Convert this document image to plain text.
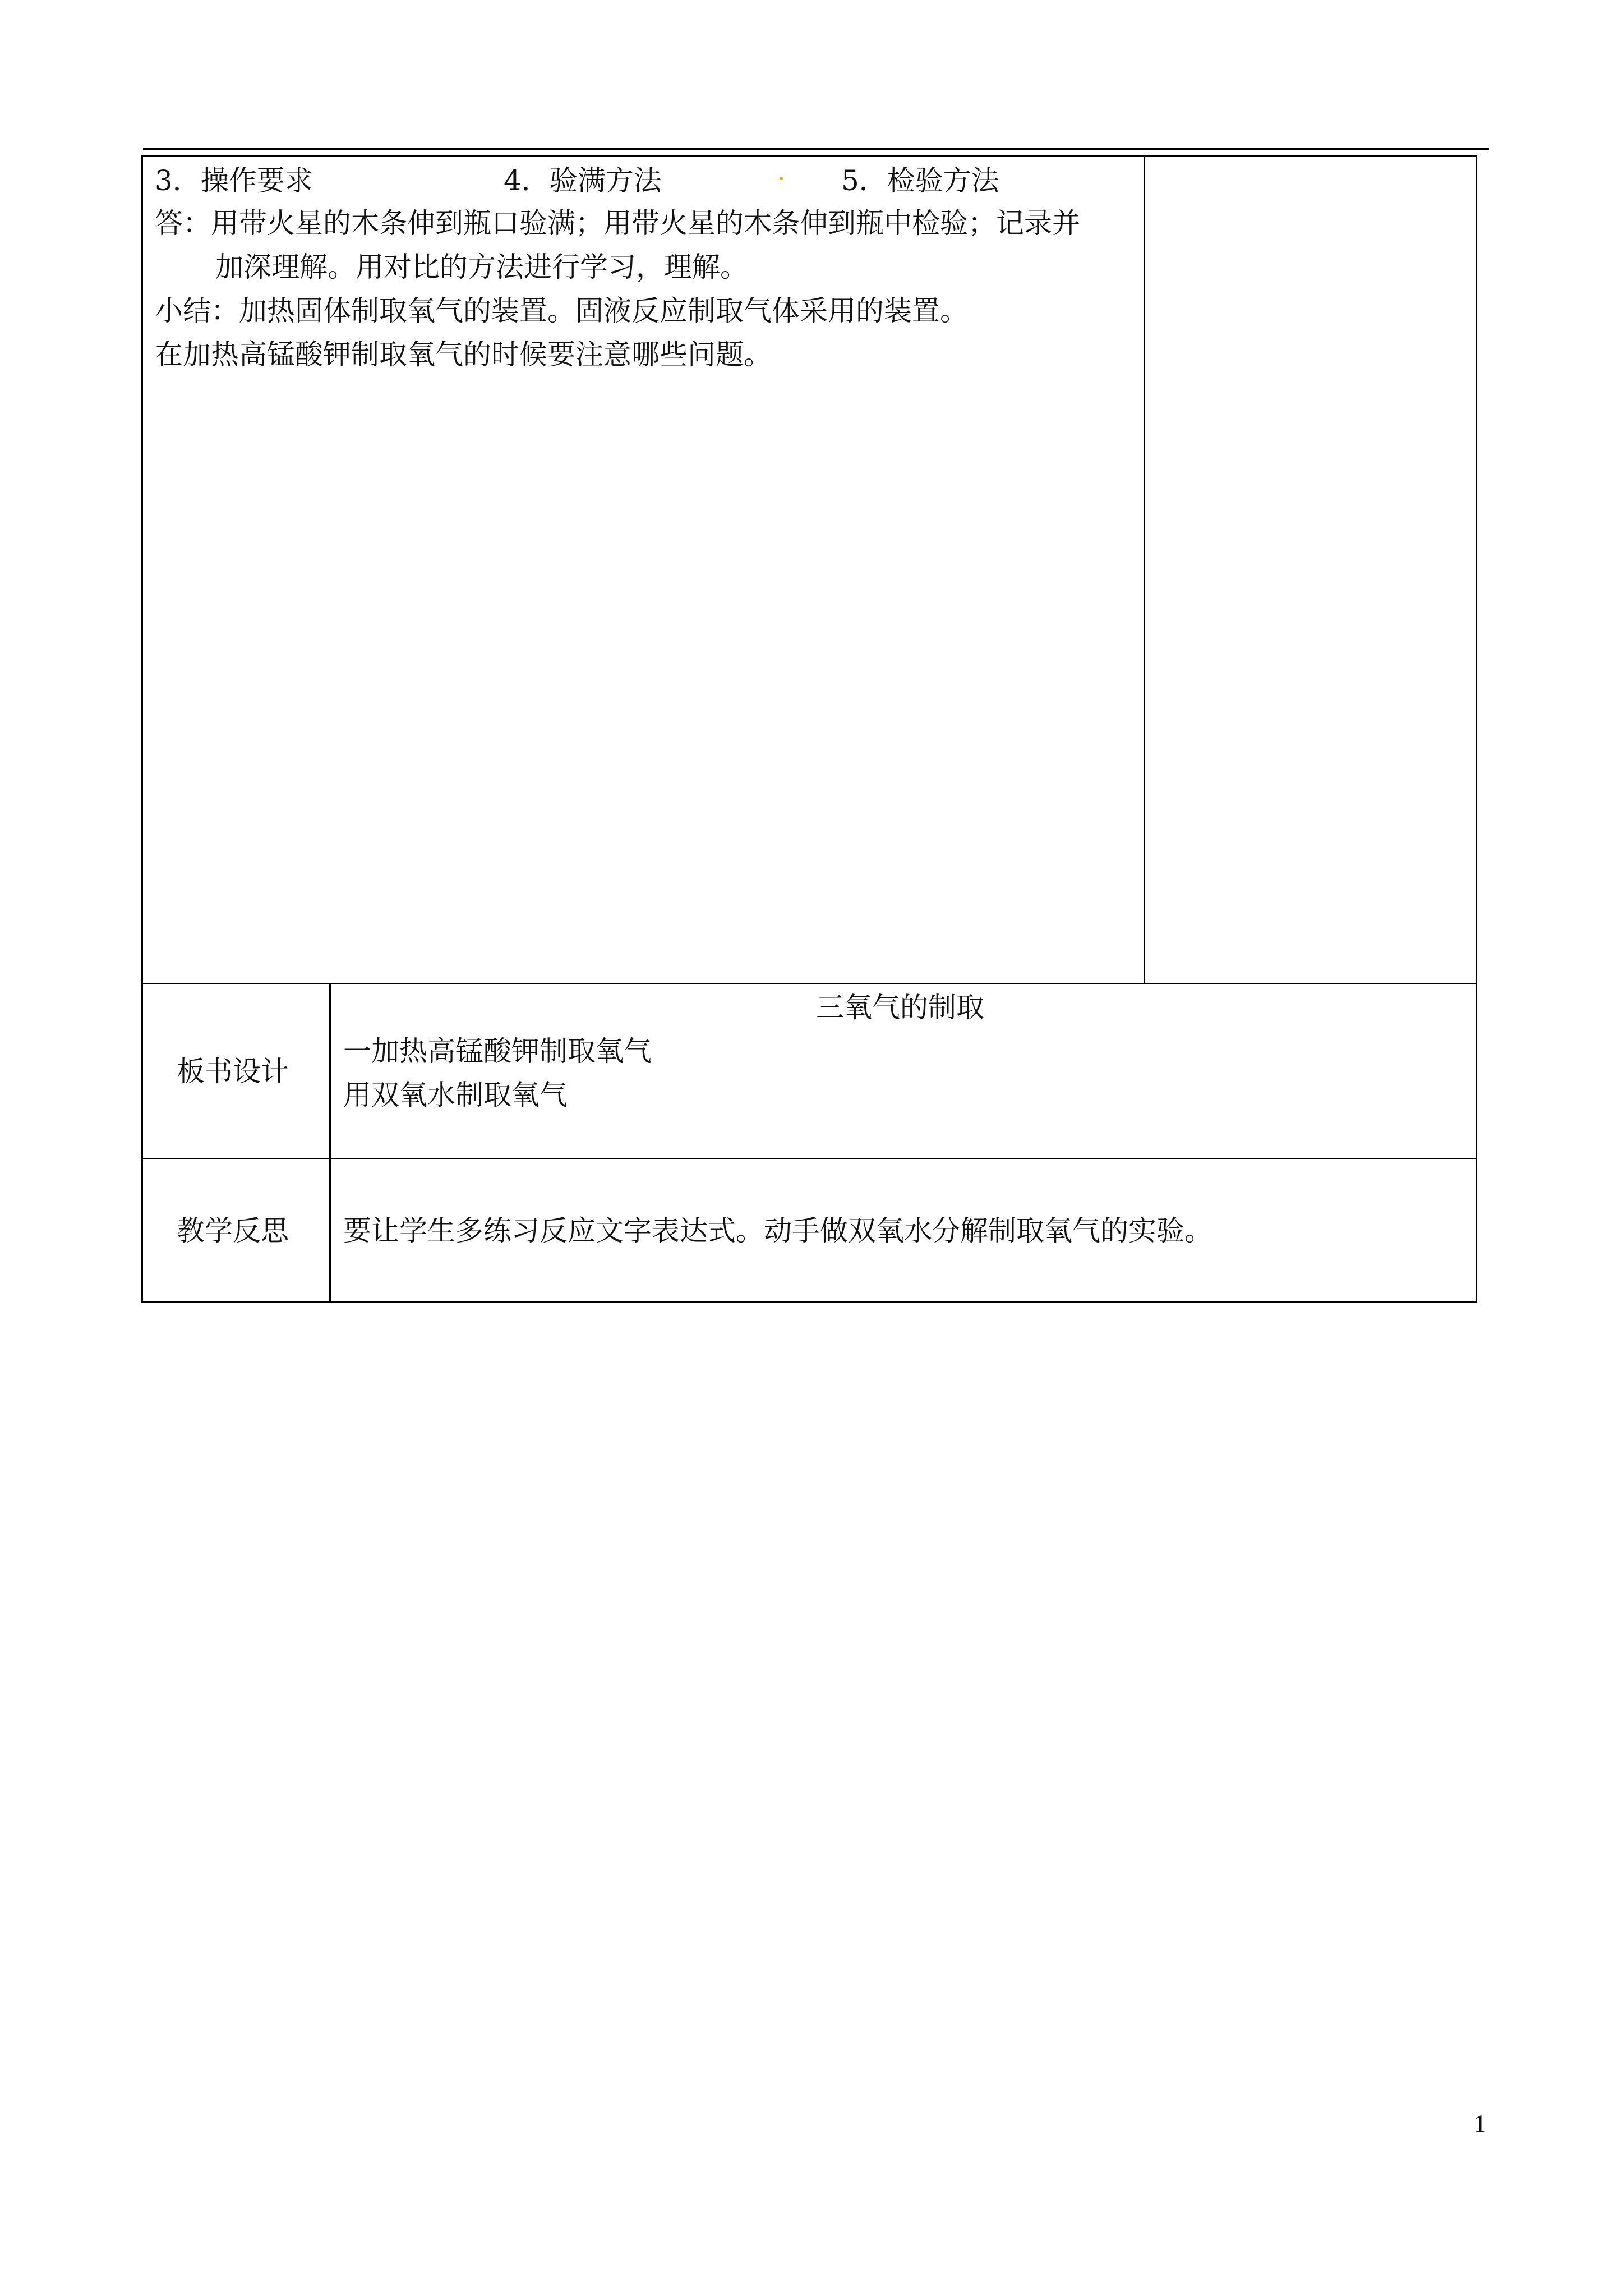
3．操作要求	4．验满方法	5．检验方法
答：用带火星的木条伸到瓶口验满；用带火星的木条伸到瓶中检验；记录并
加深理解。用对比的方法进行学习，理解。
小结：加热固体制取氧气的装置。固液反应制取气体采用的装置。
在加热高锰酸钾制取氧气的时候要注意哪些问题。
板书设计
三氧气的制取
一加热高锰酸钾制取氧气
用双氧水制取氧气
教学反思 要让学生多练习反应文字表达式。动手做双氧水分解制取氧气的实验。
1
